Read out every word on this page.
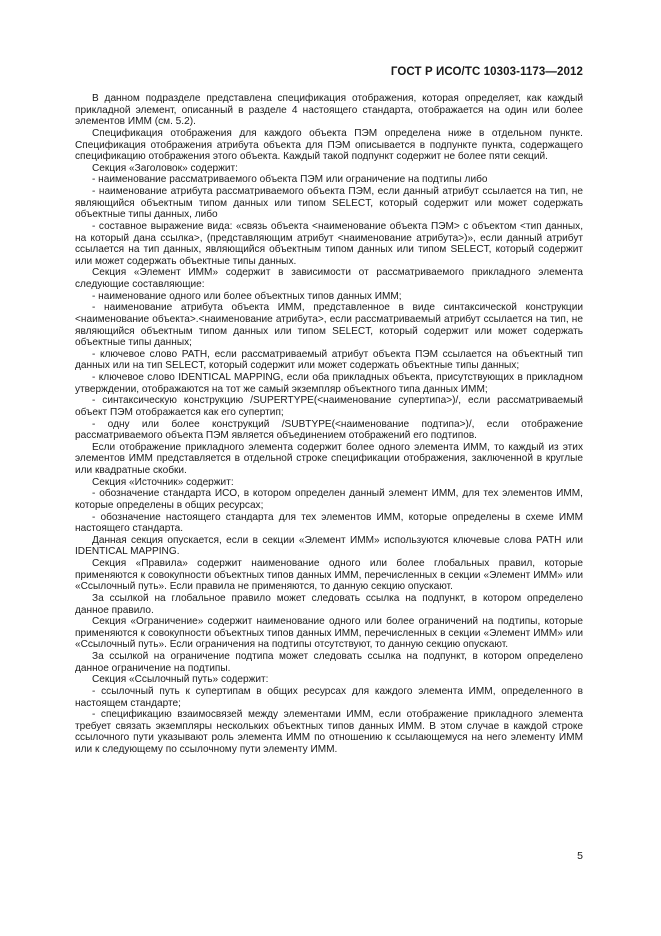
ГОСТ Р ИСО/ТС 10303-1173—2012

В данном подразделе представлена спецификация отображения, которая определяет, как каждый прикладной элемент, описанный в разделе 4 настоящего стандарта, отображается на один или более элементов ИММ (см. 5.2).

Спецификация отображения для каждого объекта ПЭМ определена ниже в отдельном пункте. Спецификация отображения атрибута объекта для ПЭМ описывается в подпункте пункта, содержащего спецификацию отображения этого объекта. Каждый такой подпункт содержит не более пяти секций.

Секция «Заголовок» содержит:

- наименование рассматриваемого объекта ПЭМ или ограничение на подтипы либо

- наименование атрибута рассматриваемого объекта ПЭМ, если данный атрибут ссылается на тип, не являющийся объектным типом данных или типом SELECT, который содержит или может содержать объектные типы данных, либо

- составное выражение вида: «связь объекта <наименование объекта ПЭМ> с объектом <тип данных, на который дана ссылка>, (представляющим атрибут <наименование атрибута>)», если данный атрибут ссылается на тип данных, являющийся объектным типом данных или типом SELECT, который содержит или может содержать объектные типы данных.

Секция «Элемент ИММ» содержит в зависимости от рассматриваемого прикладного элемента следующие составляющие:

- наименование одного или более объектных типов данных ИММ;

- наименование атрибута объекта ИММ, представленное в виде синтаксической конструкции <наименование объекта>.<наименование атрибута>, если рассматриваемый атрибут ссылается на тип, не являющийся объектным типом данных или типом SELECT, который содержит или может содержать объектные типы данных;

- ключевое слово PATH, если рассматриваемый атрибут объекта ПЭМ ссылается на объектный тип данных или на тип SELECT, который содержит или может содержать объектные типы данных;

- ключевое слово IDENTICAL MAPPING, если оба прикладных объекта, присутствующих в прикладном утверждении, отображаются на тот же самый экземпляр объектного типа данных ИММ;

- синтаксическую конструкцию /SUPERTYPE(<наименование супертипа>)/, если рассматриваемый объект ПЭМ отображается как его супертип;

- одну или более конструкций /SUBTYPE(<наименование подтипа>)/, если отображение рассматриваемого объекта ПЭМ является объединением отображений его подтипов.

Если отображение прикладного элемента содержит более одного элемента ИММ, то каждый из этих элементов ИММ представляется в отдельной строке спецификации отображения, заключенной в круглые или квадратные скобки.

Секция «Источник» содержит:

- обозначение стандарта ИСО, в котором определен данный элемент ИММ, для тех элементов ИММ, которые определены в общих ресурсах;

- обозначение настоящего стандарта для тех элементов ИММ, которые определены в схеме ИММ настоящего стандарта.

Данная секция опускается, если в секции «Элемент ИММ» используются ключевые слова PATH или IDENTICAL MAPPING.

Секция «Правила» содержит наименование одного или более глобальных правил, которые применяются к совокупности объектных типов данных ИММ, перечисленных в секции «Элемент ИММ» или «Ссылочный путь». Если правила не применяются, то данную секцию опускают.

За ссылкой на глобальное правило может следовать ссылка на подпункт, в котором определено данное правило.

Секция «Ограничение» содержит наименование одного или более ограничений на подтипы, которые применяются к совокупности объектных типов данных ИММ, перечисленных в секции «Элемент ИММ» или «Ссылочный путь». Если ограничения на подтипы отсутствуют, то данную секцию опускают.

За ссылкой на ограничение подтипа может следовать ссылка на подпункт, в котором определено данное ограничение на подтипы.

Секция «Ссылочный путь» содержит:

- ссылочный путь к супертипам в общих ресурсах для каждого элемента ИММ, определенного в настоящем стандарте;

- спецификацию взаимосвязей между элементами ИММ, если отображение прикладного элемента требует связать экземпляры нескольких объектных типов данных ИММ. В этом случае в каждой строке ссылочного пути указывают роль элемента ИММ по отношению к ссылающемуся на него элементу ИММ или к следующему по ссылочному пути элементу ИММ.

5
